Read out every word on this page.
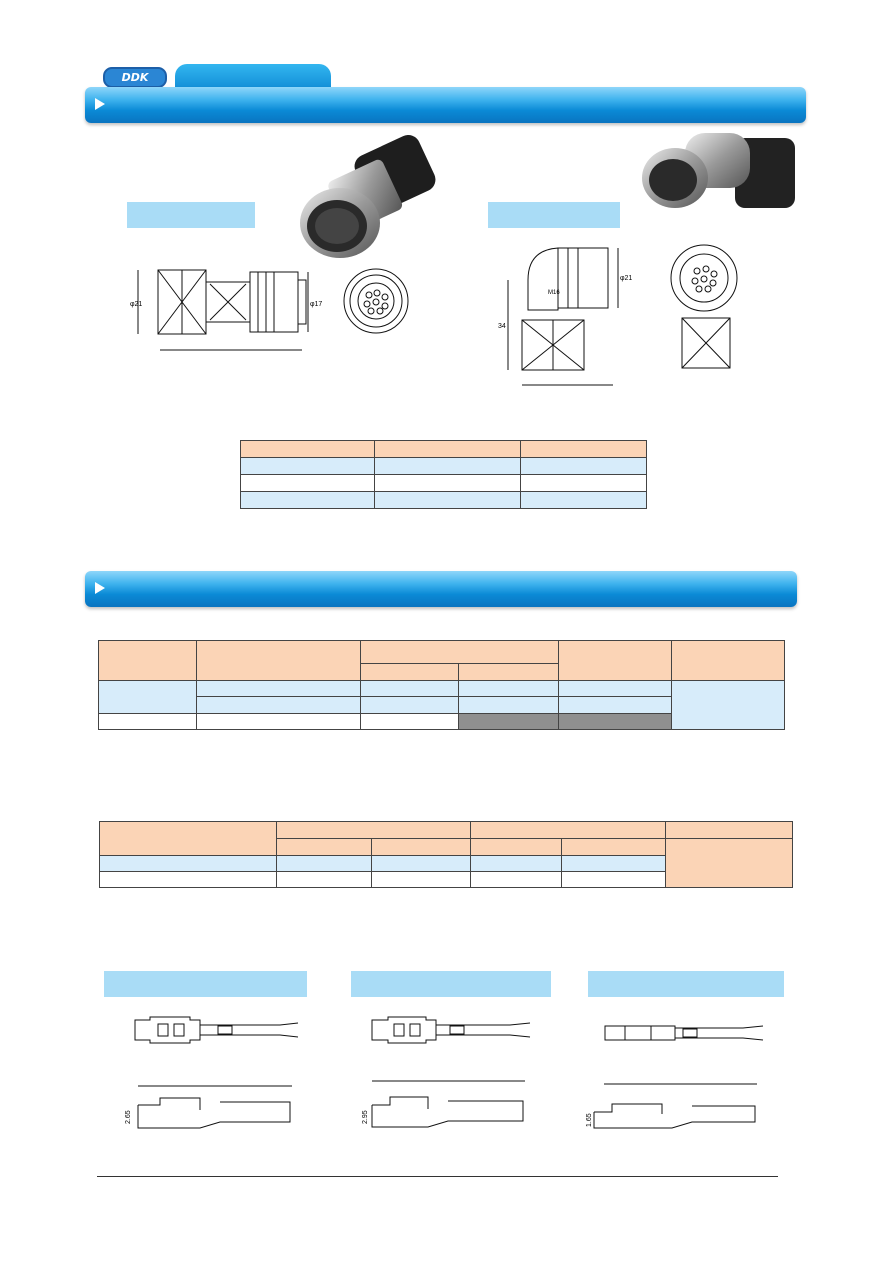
DDK
φ21	φ17
34
φ21
M16

2.65	2.95	1.65
